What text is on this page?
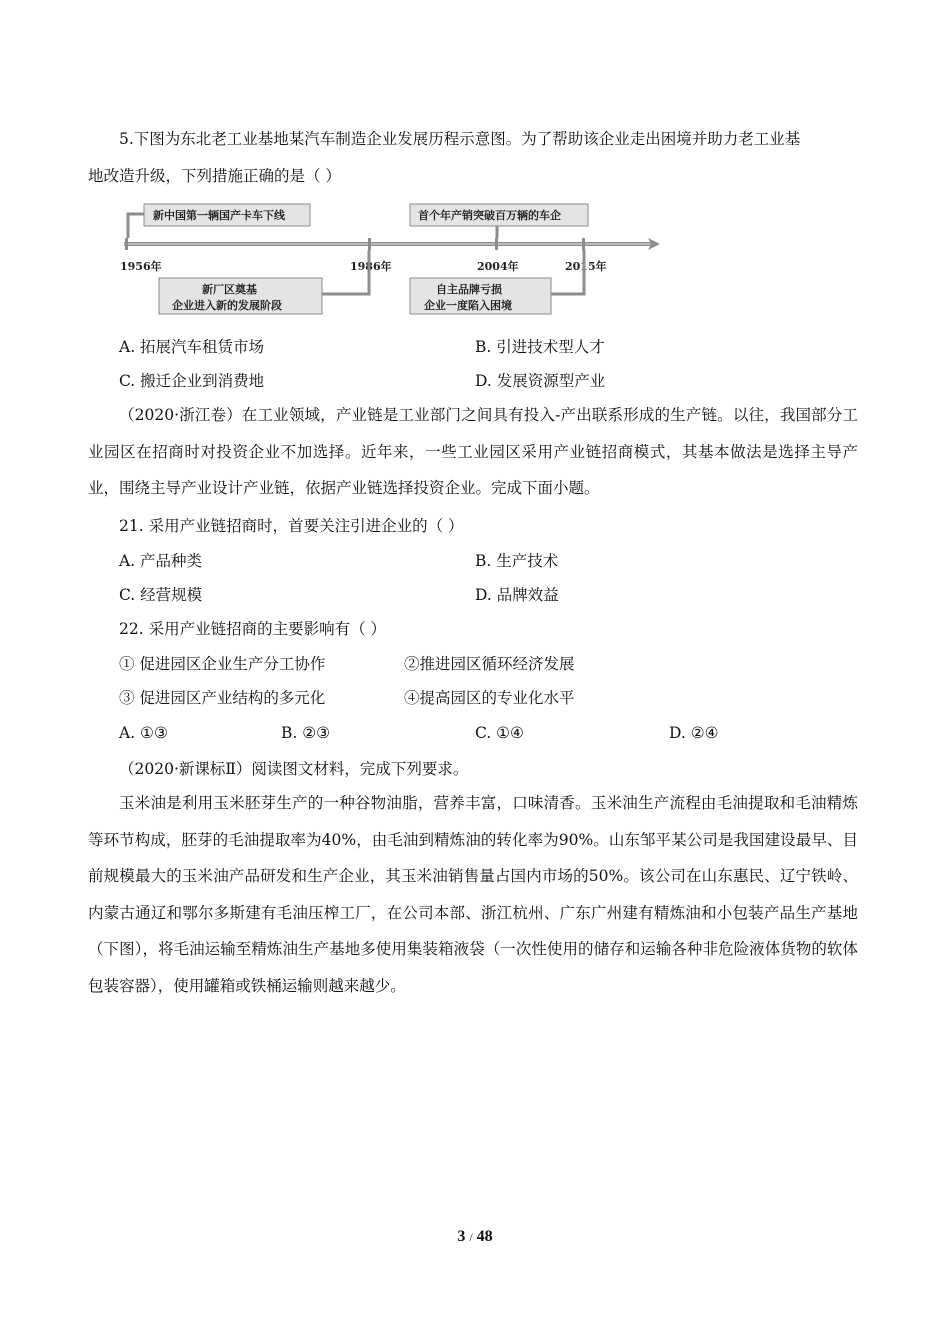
5.下图为东北老工业基地某汽车制造企业发展历程示意图。为了帮助该企业走出困境并助力老工业基
地改造升级，下列措施正确的是（ ）
1956年	1986年	2004年	2015年
新中国第一辆国产卡车下线	首个年产销突破百万辆的车企
新厂区奠基
企业进入新的发展阶段
自主品牌亏损
企业一度陷入困境
A. 拓展汽车租赁市场	B. 引进技术型人才
C. 搬迁企业到消费地	D. 发展资源型产业
（2020·浙江卷）在工业领域，产业链是工业部门之间具有投入-产出联系形成的生产链。以往，我国部分工业园区在招商时对投资企业不加选择。近年来，一些工业园区采用产业链招商模式，其基本做法是选择主导产业，围绕主导产业设计产业链，依据产业链选择投资企业。完成下面小题。
21. 采用产业链招商时，首要关注引进企业的（ ）
A. 产品种类	B. 生产技术
C. 经营规模	D. 品牌效益
22. 采用产业链招商的主要影响有（ ）
① 促进园区企业生产分工协作	②推进园区循环经济发展
③ 促进园区产业结构的多元化	④提高园区的专业化水平
A. ①③	B. ②③	C. ①④	D. ②④
（2020·新课标Ⅱ）阅读图文材料，完成下列要求。
玉米油是利用玉米胚芽生产的一种谷物油脂，营养丰富，口味清香。玉米油生产流程由毛油提取和毛油精炼等环节构成，胚芽的毛油提取率为40%，由毛油到精炼油的转化率为90%。山东邹平某公司是我国建设最早、目前规模最大的玉米油产品研发和生产企业，其玉米油销售量占国内市场的50%。该公司在山东惠民、辽宁铁岭、内蒙古通辽和鄂尔多斯建有毛油压榨工厂，在公司本部、浙江杭州、广东广州建有精炼油和小包装产品生产基地（下图），将毛油运输至精炼油生产基地多使用集装箱液袋（一次性使用的储存和运输各种非危险液体货物的软体包装容器），使用罐箱或铁桶运输则越来越少。
3 / 48
